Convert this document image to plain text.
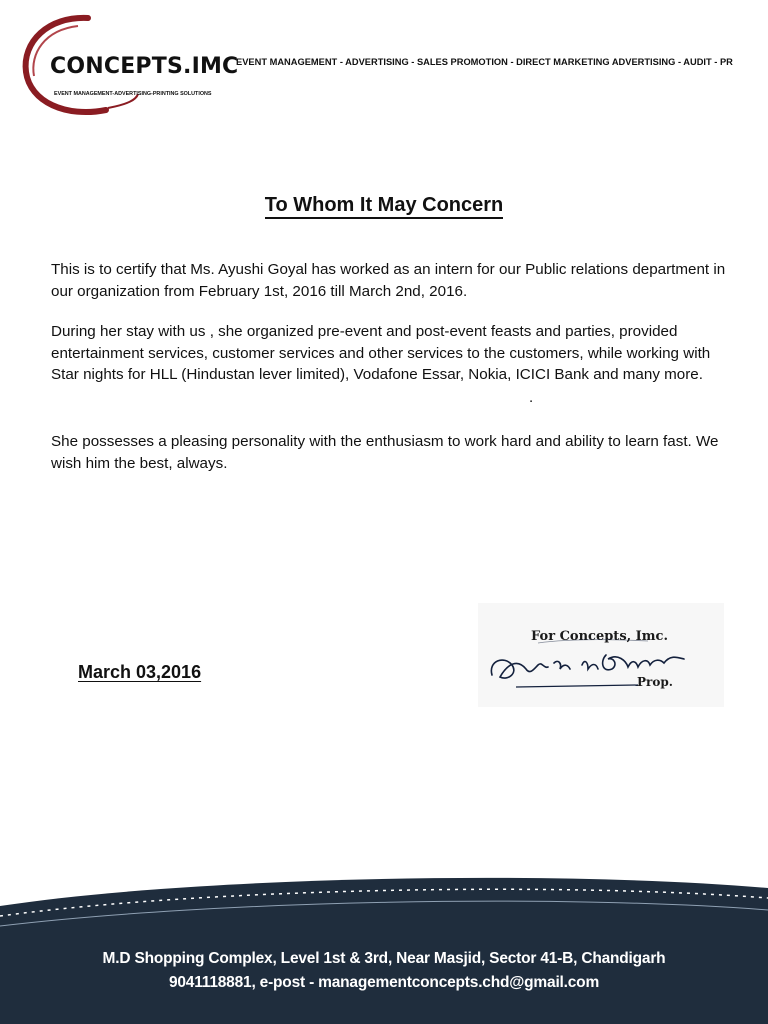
CONCEPTS.IMC
EVENT MANAGEMENT-ADVERTISING-PRINTING SOLUTIONS
EVENT MANAGEMENT - ADVERTISING - SALES PROMOTION - DIRECT MARKETING ADVERTISING - AUDIT - PR
To Whom It May Concern

This is to certify that Ms. Ayushi Goyal has worked as an intern for our Public relations department in our organization from February 1st, 2016 till March 2nd, 2016.

During her stay with us , she organized pre-event and post-event feasts and parties, provided entertainment services, customer services and other services to the customers, while working with Star nights for HLL (Hindustan lever limited), Vodafone Essar, Nokia, ICICI Bank and many more.

.

She possesses a pleasing personality with the enthusiasm to work hard and ability to learn fast. We wish him the best, always.

March 03,2016
For Concepts, Imc.
Prop.
M.D Shopping Complex, Level 1st & 3rd, Near Masjid, Sector 41-B, Chandigarh
9041118881, e-post - managementconcepts.chd@gmail.com
